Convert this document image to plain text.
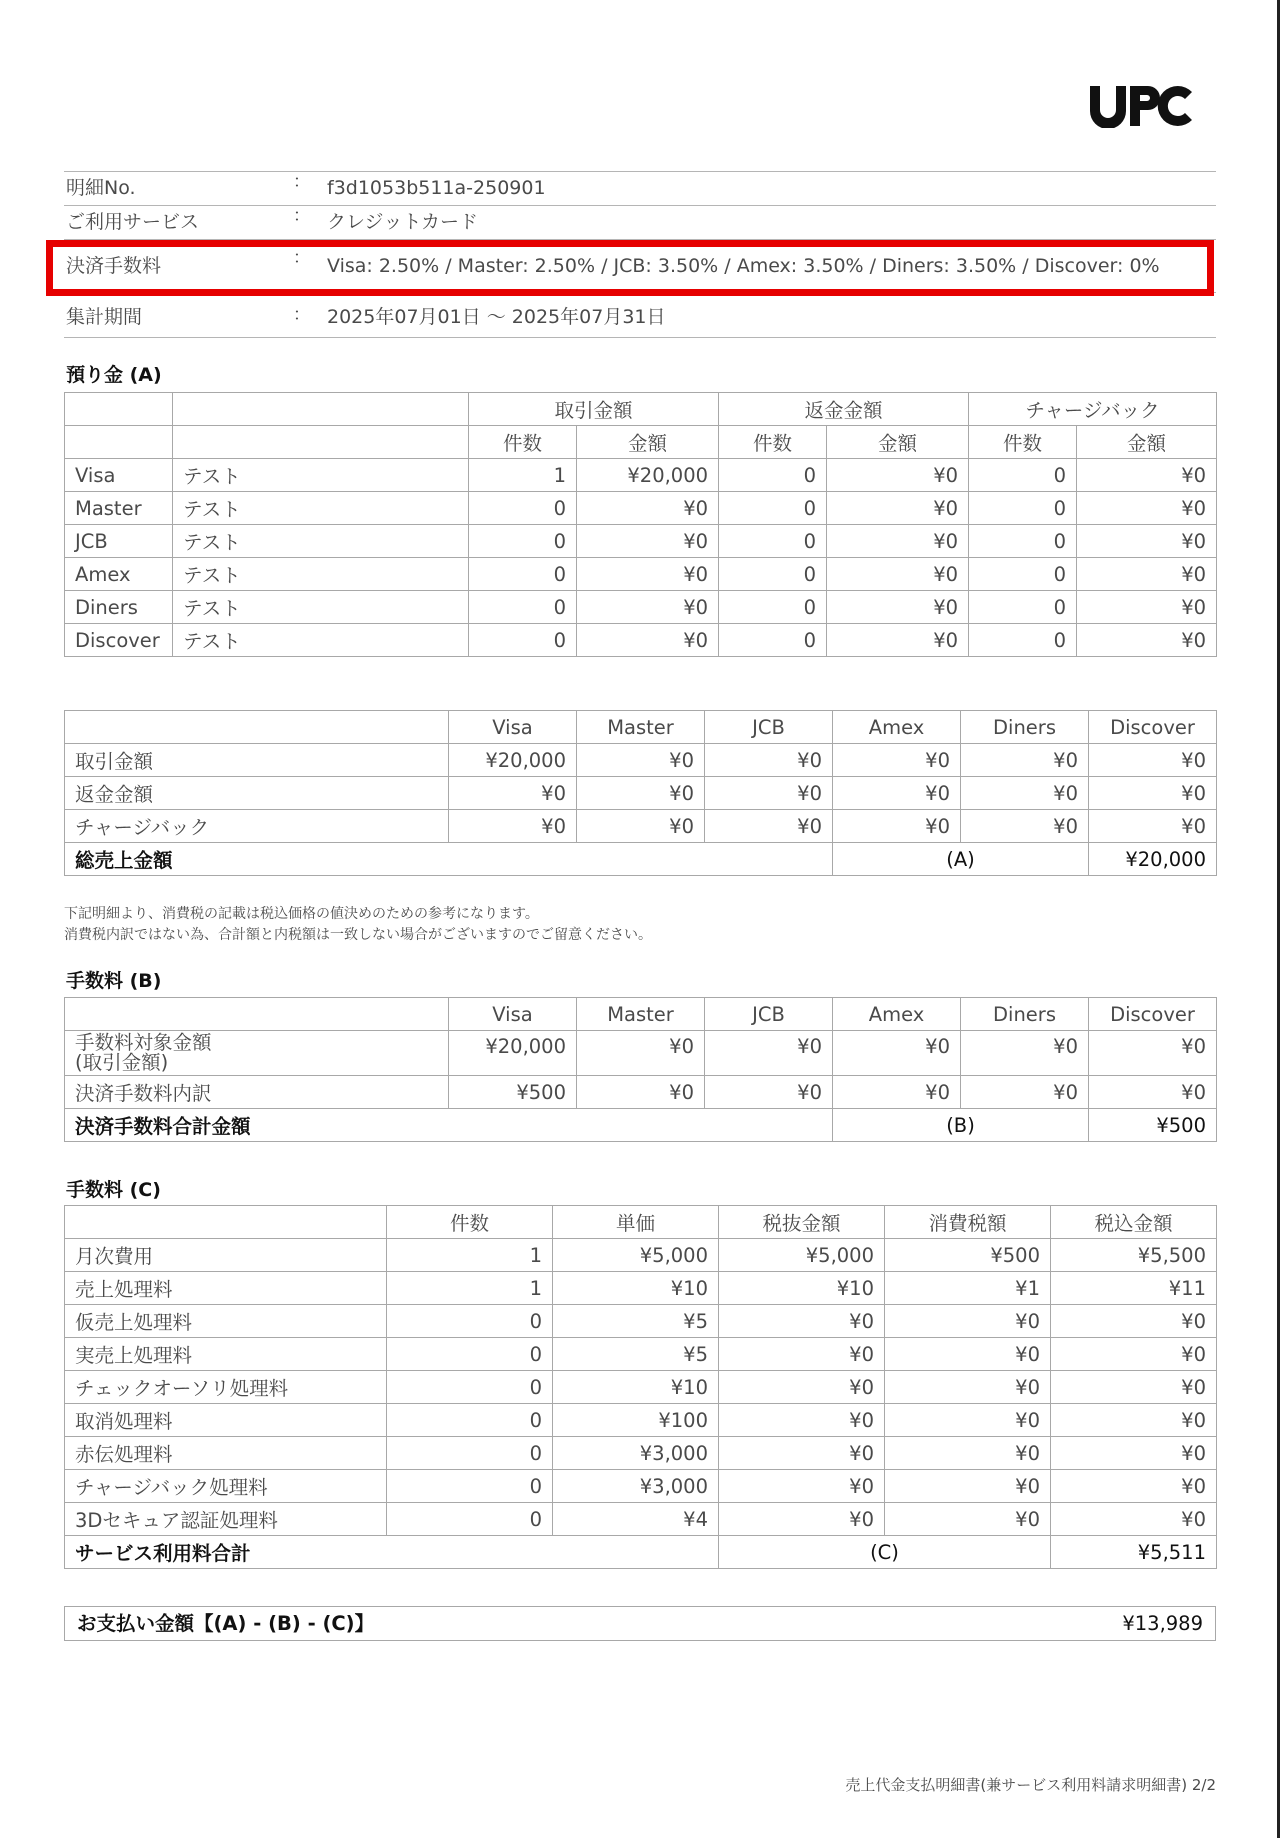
明細No.	： f3d1053b511a-250901
ご利用サービス	： クレジットカード
決済手数料	： Visa: 2.50% / Master: 2.50% / JCB: 3.50% / Amex: 3.50% / Diners: 3.50% / Discover: 0%
集計期間	： 2025年07月01日 ～ 2025年07月31日
預り金 (A)
		取引金額		返金金額		チャージバック	
		件数	金額	件数	金額	件数	金額
Visa	テスト	1	¥20,000	0	¥0	0	¥0
Master	テスト	0	¥0	0	¥0	0	¥0
JCB	テスト	0	¥0	0	¥0	0	¥0
Amex	テスト	0	¥0	0	¥0	0	¥0
Diners	テスト	0	¥0	0	¥0	0	¥0
Discover	テスト	0	¥0	0	¥0	0	¥0
	Visa	Master	JCB	Amex	Diners	Discover
取引金額	¥20,000	¥0	¥0	¥0	¥0	¥0
返金金額	¥0	¥0	¥0	¥0	¥0	¥0
チャージバック	¥0	¥0	¥0	¥0	¥0	¥0
総売上金額				(A)		¥20,000
下記明細より、消費税の記載は税込価格の値決めのための参考になります。
消費税内訳ではない為、合計額と内税額は一致しない場合がございますのでご留意ください。
手数料 (B)
	Visa	Master	JCB	Amex	Diners	Discover

手数料対象金額
(取引金額)	¥20,000	¥0	¥0	¥0	¥0	¥0

決済手数料内訳	¥500	¥0	¥0	¥0	¥0	¥0
決済手数料合計金額				(B)		¥500
手数料 (C)
	件数	単価	税抜金額	消費税額	税込金額
月次費用	1	¥5,000	¥5,000	¥500	¥5,500
売上処理料	1	¥10	¥10	¥1	¥11
仮売上処理料	0	¥5	¥0	¥0	¥0
実売上処理料	0	¥5	¥0	¥0	¥0
チェックオーソリ処理料	0	¥10	¥0	¥0	¥0
取消処理料	0	¥100	¥0	¥0	¥0
赤伝処理料	0	¥3,000	¥0	¥0	¥0
チャージバック処理料	0	¥3,000	¥0	¥0	¥0
3Dセキュア認証処理料	0	¥4	¥0	¥0	¥0
サービス利用料合計			(C)		¥5,511
お支払い金額【(A) - (B) - (C)】	¥13,989
売上代金支払明細書(兼サービス利用料請求明細書) 2/2
